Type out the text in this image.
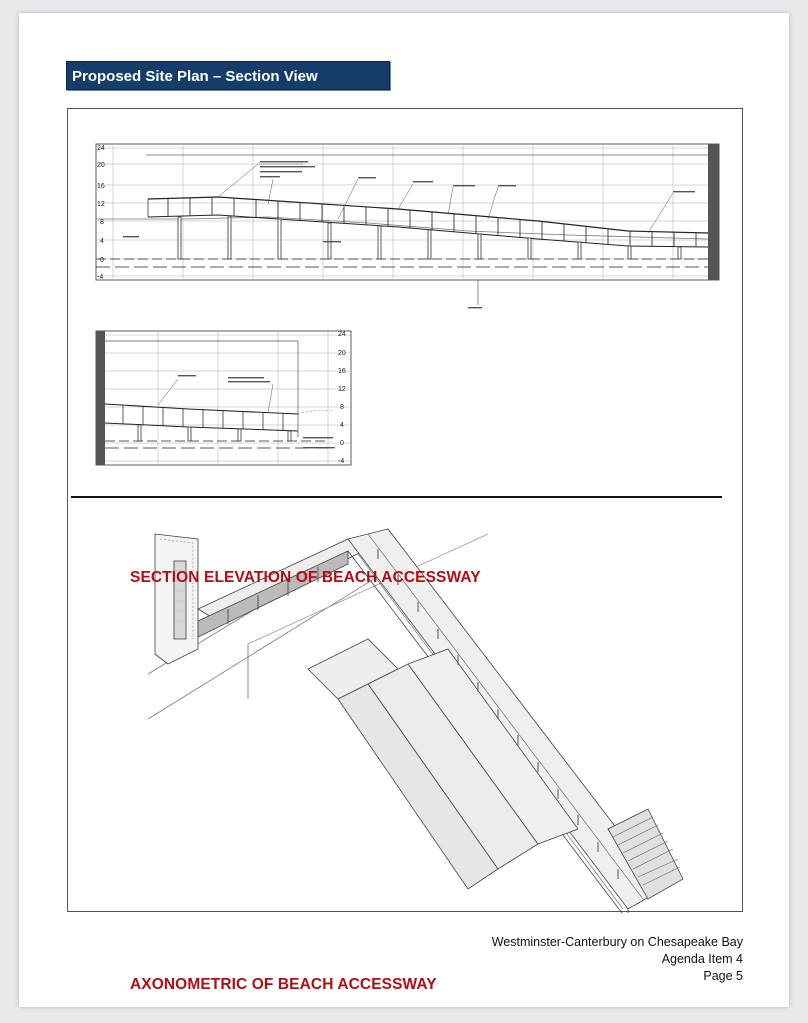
Proposed Site Plan – Section View
24
20
16
12
8
4
0
-4
24
20
16
12
8
4
0
-4
SECTION ELEVATION OF BEACH ACCESSWAY
AXONOMETRIC OF BEACH ACCESSWAY
Westminster-Canterbury on Chesapeake Bay
Agenda Item 4
Page 5
